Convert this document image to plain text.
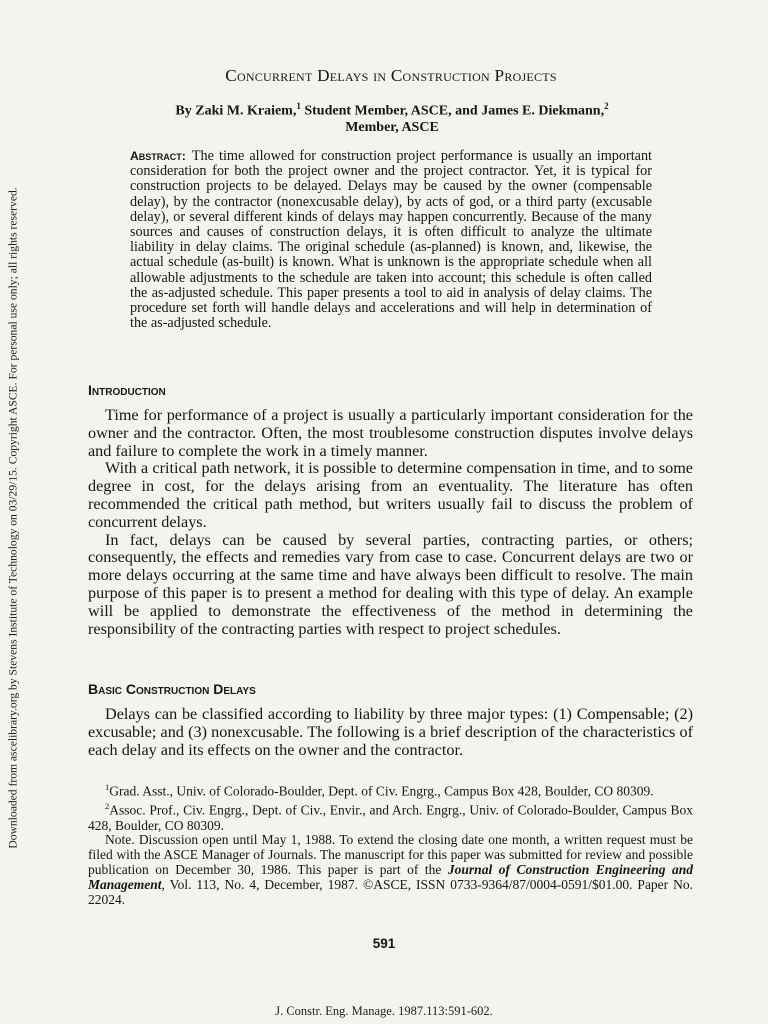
Downloaded from ascelibrary.org by Stevens Institute of Technology on 03/29/15. Copyright ASCE. For personal use only; all rights reserved.
Concurrent Delays in Construction Projects
By Zaki M. Kraiem,$^1$ Student Member, ASCE, and James E. Diekmann,$^2$
Member, ASCE
Abstract: The time allowed for construction project performance is usually an important consideration for both the project owner and the project contractor. Yet, it is typical for construction projects to be delayed. Delays may be caused by the owner (compensable delay), by the contractor (nonexcusable delay), by acts of god, or a third party (excusable delay), or several different kinds of delays may happen concurrently. Because of the many sources and causes of construction delays, it is often difficult to analyze the ultimate liability in delay claims. The original schedule (as-planned) is known, and, likewise, the actual schedule (as-built) is known. What is unknown is the appropriate schedule when all allowable adjustments to the schedule are taken into account; this schedule is often called the as-adjusted schedule. This paper presents a tool to aid in analysis of delay claims. The procedure set forth will handle delays and accelerations and will help in determination of the as-adjusted schedule.
Introduction

Time for performance of a project is usually a particularly important consideration for the owner and the contractor. Often, the most troublesome construction disputes involve delays and failure to complete the work in a timely manner.

With a critical path network, it is possible to determine compensation in time, and to some degree in cost, for the delays arising from an eventuality. The literature has often recommended the critical path method, but writers usually fail to discuss the problem of concurrent delays.

In fact, delays can be caused by several parties, contracting parties, or others; consequently, the effects and remedies vary from case to case. Concurrent delays are two or more delays occurring at the same time and have always been difficult to resolve. The main purpose of this paper is to present a method for dealing with this type of delay. An example will be applied to demonstrate the effectiveness of the method in determining the responsibility of the contracting parties with respect to project schedules.

Basic Construction Delays

Delays can be classified according to liability by three major types: (1) Compensable; (2) excusable; and (3) nonexcusable. The following is a brief description of the characteristics of each delay and its effects on the owner and the contractor.

$^1$Grad. Asst., Univ. of Colorado-Boulder, Dept. of Civ. Engrg., Campus Box 428, Boulder, CO 80309.

$^2$Assoc. Prof., Civ. Engrg., Dept. of Civ., Envir., and Arch. Engrg., Univ. of Colorado-Boulder, Campus Box 428, Boulder, CO 80309.

Note. Discussion open until May 1, 1988. To extend the closing date one month, a written request must be filed with the ASCE Manager of Journals. The manuscript for this paper was submitted for review and possible publication on December 30, 1986. This paper is part of the Journal of Construction Engineering and Management, Vol. 113, No. 4, December, 1987. ©ASCE, ISSN 0733-9364/87/0004-0591/$01.00. Paper No. 22024.

591
J. Constr. Eng. Manage. 1987.113:591-602.
